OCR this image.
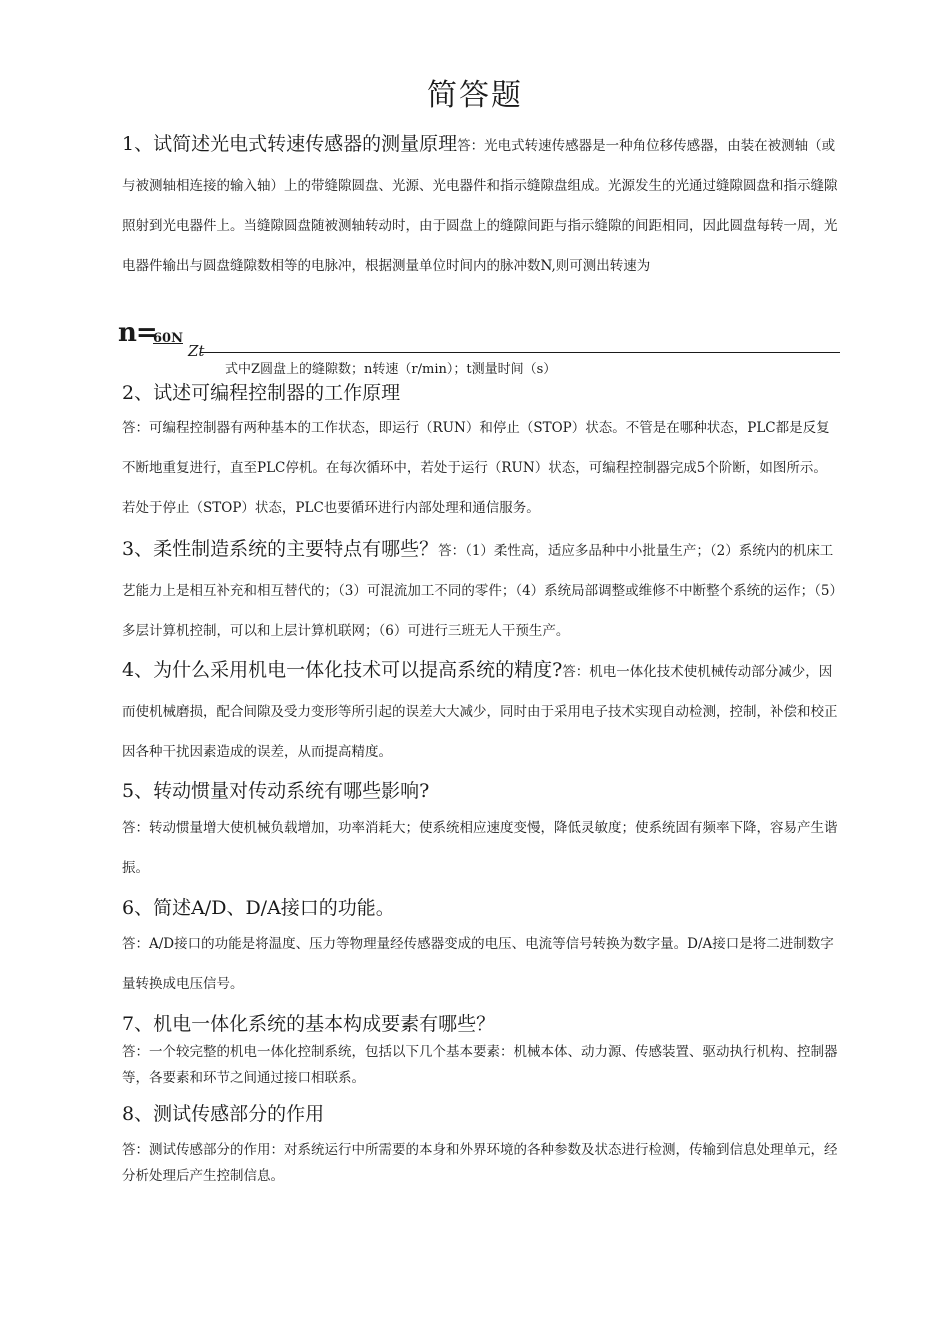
简答题
1、试简述光电式转速传感器的测量原理答：光电式转速传感器是一种角位移传感器，由装在被测轴（或与被测轴相连接的输入轴）上的带缝隙圆盘、光源、光电器件和指示缝隙盘组成。光源发生的光通过缝隙圆盘和指示缝隙照射到光电器件上。当缝隙圆盘随被测轴转动时，由于圆盘上的缝隙间距与指示缝隙的间距相同，因此圆盘每转一周，光电器件输出与圆盘缝隙数相等的电脉冲，根据测量单位时间内的脉冲数N,则可测出转速为
n=
60N
Zt
式中Z圆盘上的缝隙数；n转速（r/min）；t测量时间（s）
2、试述可编程控制器的工作原理
答：可编程控制器有两种基本的工作状态，即运行（RUN）和停止（STOP）状态。不管是在哪种状态，PLC都是反复不断地重复进行，直至PLC停机。在每次循环中，若处于运行（RUN）状态，可编程控制器完成5个阶断，如图所示。若处于停止（STOP）状态，PLC也要循环进行内部处理和通信服务。
3、柔性制造系统的主要特点有哪些？答：（1）柔性高，适应多品种中小批量生产；（2）系统内的机床工艺能力上是相互补充和相互替代的；（3）可混流加工不同的零件；（4）系统局部调整或维修不中断整个系统的运作；（5）多层计算机控制，可以和上层计算机联网；（6）可进行三班无人干预生产。
4、为什么采用机电一体化技术可以提高系统的精度?答：机电一体化技术使机械传动部分减少，因而使机械磨损，配合间隙及受力变形等所引起的误差大大减少，同时由于采用电子技术实现自动检测，控制，补偿和校正因各种干扰因素造成的误差，从而提高精度。
5、转动惯量对传动系统有哪些影响?
答：转动惯量增大使机械负载增加，功率消耗大；使系统相应速度变慢，降低灵敏度；使系统固有频率下降，容易产生谐振。
6、简述A/D、D/A接口的功能。
答：A/D接口的功能是将温度、压力等物理量经传感器变成的电压、电流等信号转换为数字量。D/A接口是将二进制数字量转换成电压信号。
7、机电一体化系统的基本构成要素有哪些？
答：一个较完整的机电一体化控制系统，包括以下几个基本要素：机械本体、动力源、传感装置、驱动执行机构、控制器等，各要素和环节之间通过接口相联系。
8、测试传感部分的作用
答：测试传感部分的作用：对系统运行中所需要的本身和外界环境的各种参数及状态进行检测，传输到信息处理单元，经分析处理后产生控制信息。
